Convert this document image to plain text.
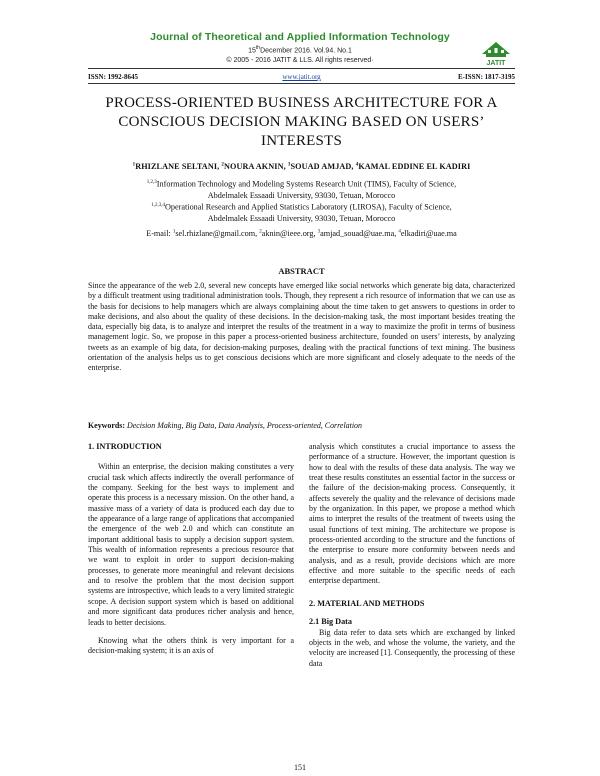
Journal of Theoretical and Applied Information Technology
15thDecember 2016. Vol.94. No.1
© 2005 - 2016 JATIT & LLS. All rights reserved·	JATIT
ISSN: 1992-8645	www.jatit.org	E-ISSN: 1817-3195
PROCESS-ORIENTED BUSINESS ARCHITECTURE FOR A CONSCIOUS DECISION MAKING BASED ON USERS’ INTERESTS
$^1$RHIZLANE SELTANI, $^2$NOURA AKNIN, $^3$SOUAD AMJAD, $^4$KAMAL EDDINE EL KADIRI
$^{1,2,3}$Information Technology and Modeling Systems Research Unit (TIMS), Faculty of Science,
Abdelmalek Essaadi University, 93030, Tetuan, Morocco
$^{1,2,3,4}$Operational Research and Applied Statistics Laboratory (LIROSA), Faculty of Science,
Abdelmalek Essaadi University, 93030, Tetuan, Morocco
E-mail: $^1$sel.rhizlane@gmail.com, $^2$aknin@ieee.org, $^3$amjad_souad@uae.ma, $^4$elkadiri@uae.ma
ABSTRACT
Since the appearance of the web 2.0, several new concepts have emerged like social networks which generate big data, characterized by a difficult treatment using traditional administration tools. Though, they represent a rich resource of information that we can use as the basis for decisions to help managers which are always complaining about the time taken to get answers to questions in order to make decisions, and also about the quality of these decisions. In the decision-making task, the most important besides treating the data, especially big data, is to analyze and interpret the results of the treatment in a way to maximize the profit in terms of business management logic. So, we propose in this paper a process-oriented business architecture, founded on users’ interests, by analyzing tweets as an example of big data, for decision-making purposes, dealing with the practical functions of text mining. The business orientation of the analysis helps us to get conscious decisions which are more significant and closely adequate to the needs of the enterprise.
Keywords: Decision Making, Big Data, Data Analysis, Process-oriented, Correlation
1. INTRODUCTION

Within an enterprise, the decision making constitutes a very crucial task which affects indirectly the overall performance of the company. Seeking for the best ways to implement and operate this process is a necessary mission. On the other hand, a massive mass of a variety of data is produced each day due to the appearance of a large range of applications that accompanied the emergence of the web 2.0 and which can constitute an important additional basis to supply a decision support system. This wealth of information represents a precious resource that we want to exploit in order to support decision-making processes, to generate more meaningful and relevant decisions and to resolve the problem that the most decision support systems are introspective, which leads to a very limited strategic scope. A decision support system which is based on additional and more significant data produces richer analysis and hence, leads to better decisions.

Knowing what the others think is very important for a decision-making system; it is an axis of

analysis which constitutes a crucial importance to assess the performance of a structure. However, the important question is how to deal with the results of these data analysis. The way we treat these results constitutes an essential factor in the success or the failure of the decision-making process. Consequently, it affects severely the quality and the relevance of decisions made by the organization. In this paper, we propose a method which aims to interpret the results of the treatment of tweets using the usual functions of text mining. The architecture we propose is process-oriented according to the structure and the functions of the enterprise to ensure more conformity between needs and analysis, and as a result, provide decisions which are more effective and more suitable to the specific needs of each enterprise department.

2. MATERIAL AND METHODS
2.1 Big Data

Big data refer to data sets which are exchanged by linked objects in the web, and whose the volume, the variety, and the velocity are increased [1]. Consequently, the processing of these data

151
